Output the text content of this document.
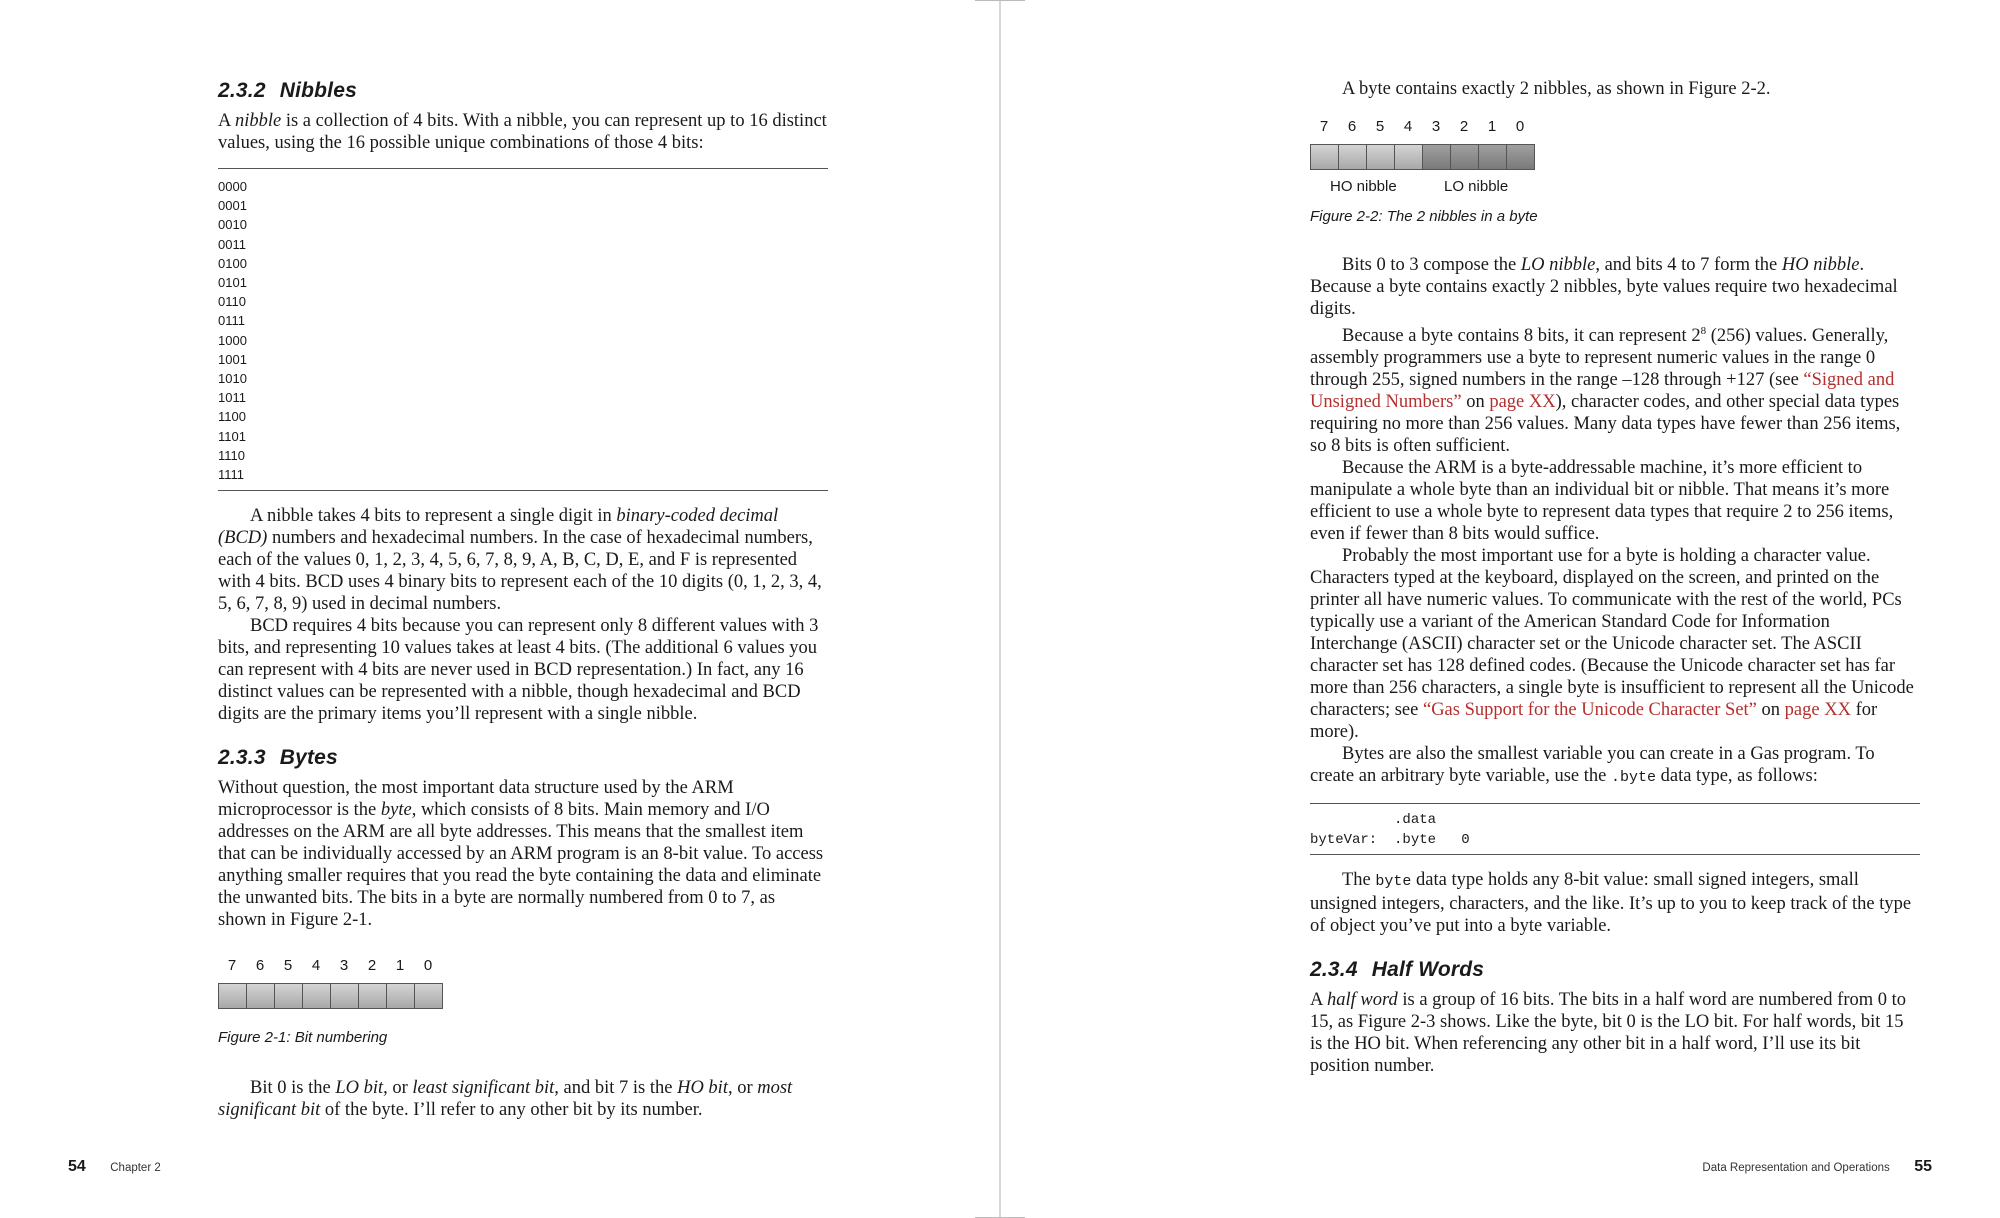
2.3.2 Nibbles

A nibble is a collection of 4 bits. With a nibble, you can represent up to 16 distinct values, using the 16 possible unique combinations of those 4 bits:

0000
0001
0010
0011
0100
0101
0110
0111
1000
1001
1010
1011
1100
1101
1110
1111

A nibble takes 4 bits to represent a single digit in binary-coded decimal (BCD) numbers and hexadecimal numbers. In the case of hexadecimal numbers, each of the values 0, 1, 2, 3, 4, 5, 6, 7, 8, 9, A, B, C, D, E, and F is represented with 4 bits. BCD uses 4 binary bits to represent each of the 10 digits (0, 1, 2, 3, 4, 5, 6, 7, 8, 9) used in decimal numbers.

BCD requires 4 bits because you can represent only 8 different values with 3 bits, and representing 10 values takes at least 4 bits. (The additional 6 values you can represent with 4 bits are never used in BCD representation.) In fact, any 16 distinct values can be represented with a nibble, though hexadecimal and BCD digits are the primary items you’ll represent with a single nibble.

2.3.3 Bytes

Without question, the most important data structure used by the ARM microprocessor is the byte, which consists of 8 bits. Main memory and I/O addresses on the ARM are all byte addresses. This means that the smallest item that can be individually accessed by an ARM program is an 8-bit value. To access anything smaller requires that you read the byte containing the data and eliminate the unwanted bits. The bits in a byte are normally numbered from 0 to 7, as shown in Figure 2-1.

7	6	5	4	3	2	1	0
Figure 2-1: Bit numbering

Bit 0 is the LO bit, or least significant bit, and bit 7 is the HO bit, or most significant bit of the byte. I’ll refer to any other bit by its number.

54 Chapter 2

A byte contains exactly 2 nibbles, as shown in Figure 2-2.

7	6	5	4	3	2	1	0
HO nibble	LO nibble
Figure 2-2: The 2 nibbles in a byte

Bits 0 to 3 compose the LO nibble, and bits 4 to 7 form the HO nibble. Because a byte contains exactly 2 nibbles, byte values require two hexadecimal digits.

Because a byte contains 8 bits, it can represent $2^8$ (256) values. Generally, assembly programmers use a byte to represent numeric values in the range 0 through 255, signed numbers in the range –128 through +127 (see “Signed and Unsigned Numbers” on page XX), character codes, and other special data types requiring no more than 256 values. Many data types have fewer than 256 items, so 8 bits is often sufficient.

Because the ARM is a byte-addressable machine, it’s more efficient to manipulate a whole byte than an individual bit or nibble. That means it’s more efficient to use a whole byte to represent data types that require 2 to 256 items, even if fewer than 8 bits would suffice.

Probably the most important use for a byte is holding a character value. Characters typed at the keyboard, displayed on the screen, and printed on the printer all have numeric values. To communicate with the rest of the world, PCs typically use a variant of the American Standard Code for Information Interchange (ASCII) character set or the Unicode character set. The ASCII character set has 128 defined codes. (Because the Unicode character set has far more than 256 characters, a single byte is insufficient to represent all the Unicode characters; see “Gas Support for the Unicode Character Set” on page XX for more).

Bytes are also the smallest variable you can create in a Gas program. To create an arbitrary byte variable, use the .byte data type, as follows:

.data
byteVar:  .byte   0

The byte data type holds any 8-bit value: small signed integers, small unsigned integers, characters, and the like. It’s up to you to keep track of the type of object you’ve put into a byte variable.

2.3.4 Half Words

A half word is a group of 16 bits. The bits in a half word are numbered from 0 to 15, as Figure 2-3 shows. Like the byte, bit 0 is the LO bit. For half words, bit 15 is the HO bit. When referencing any other bit in a half word, I’ll use its bit position number.

Data Representation and Operations 55
